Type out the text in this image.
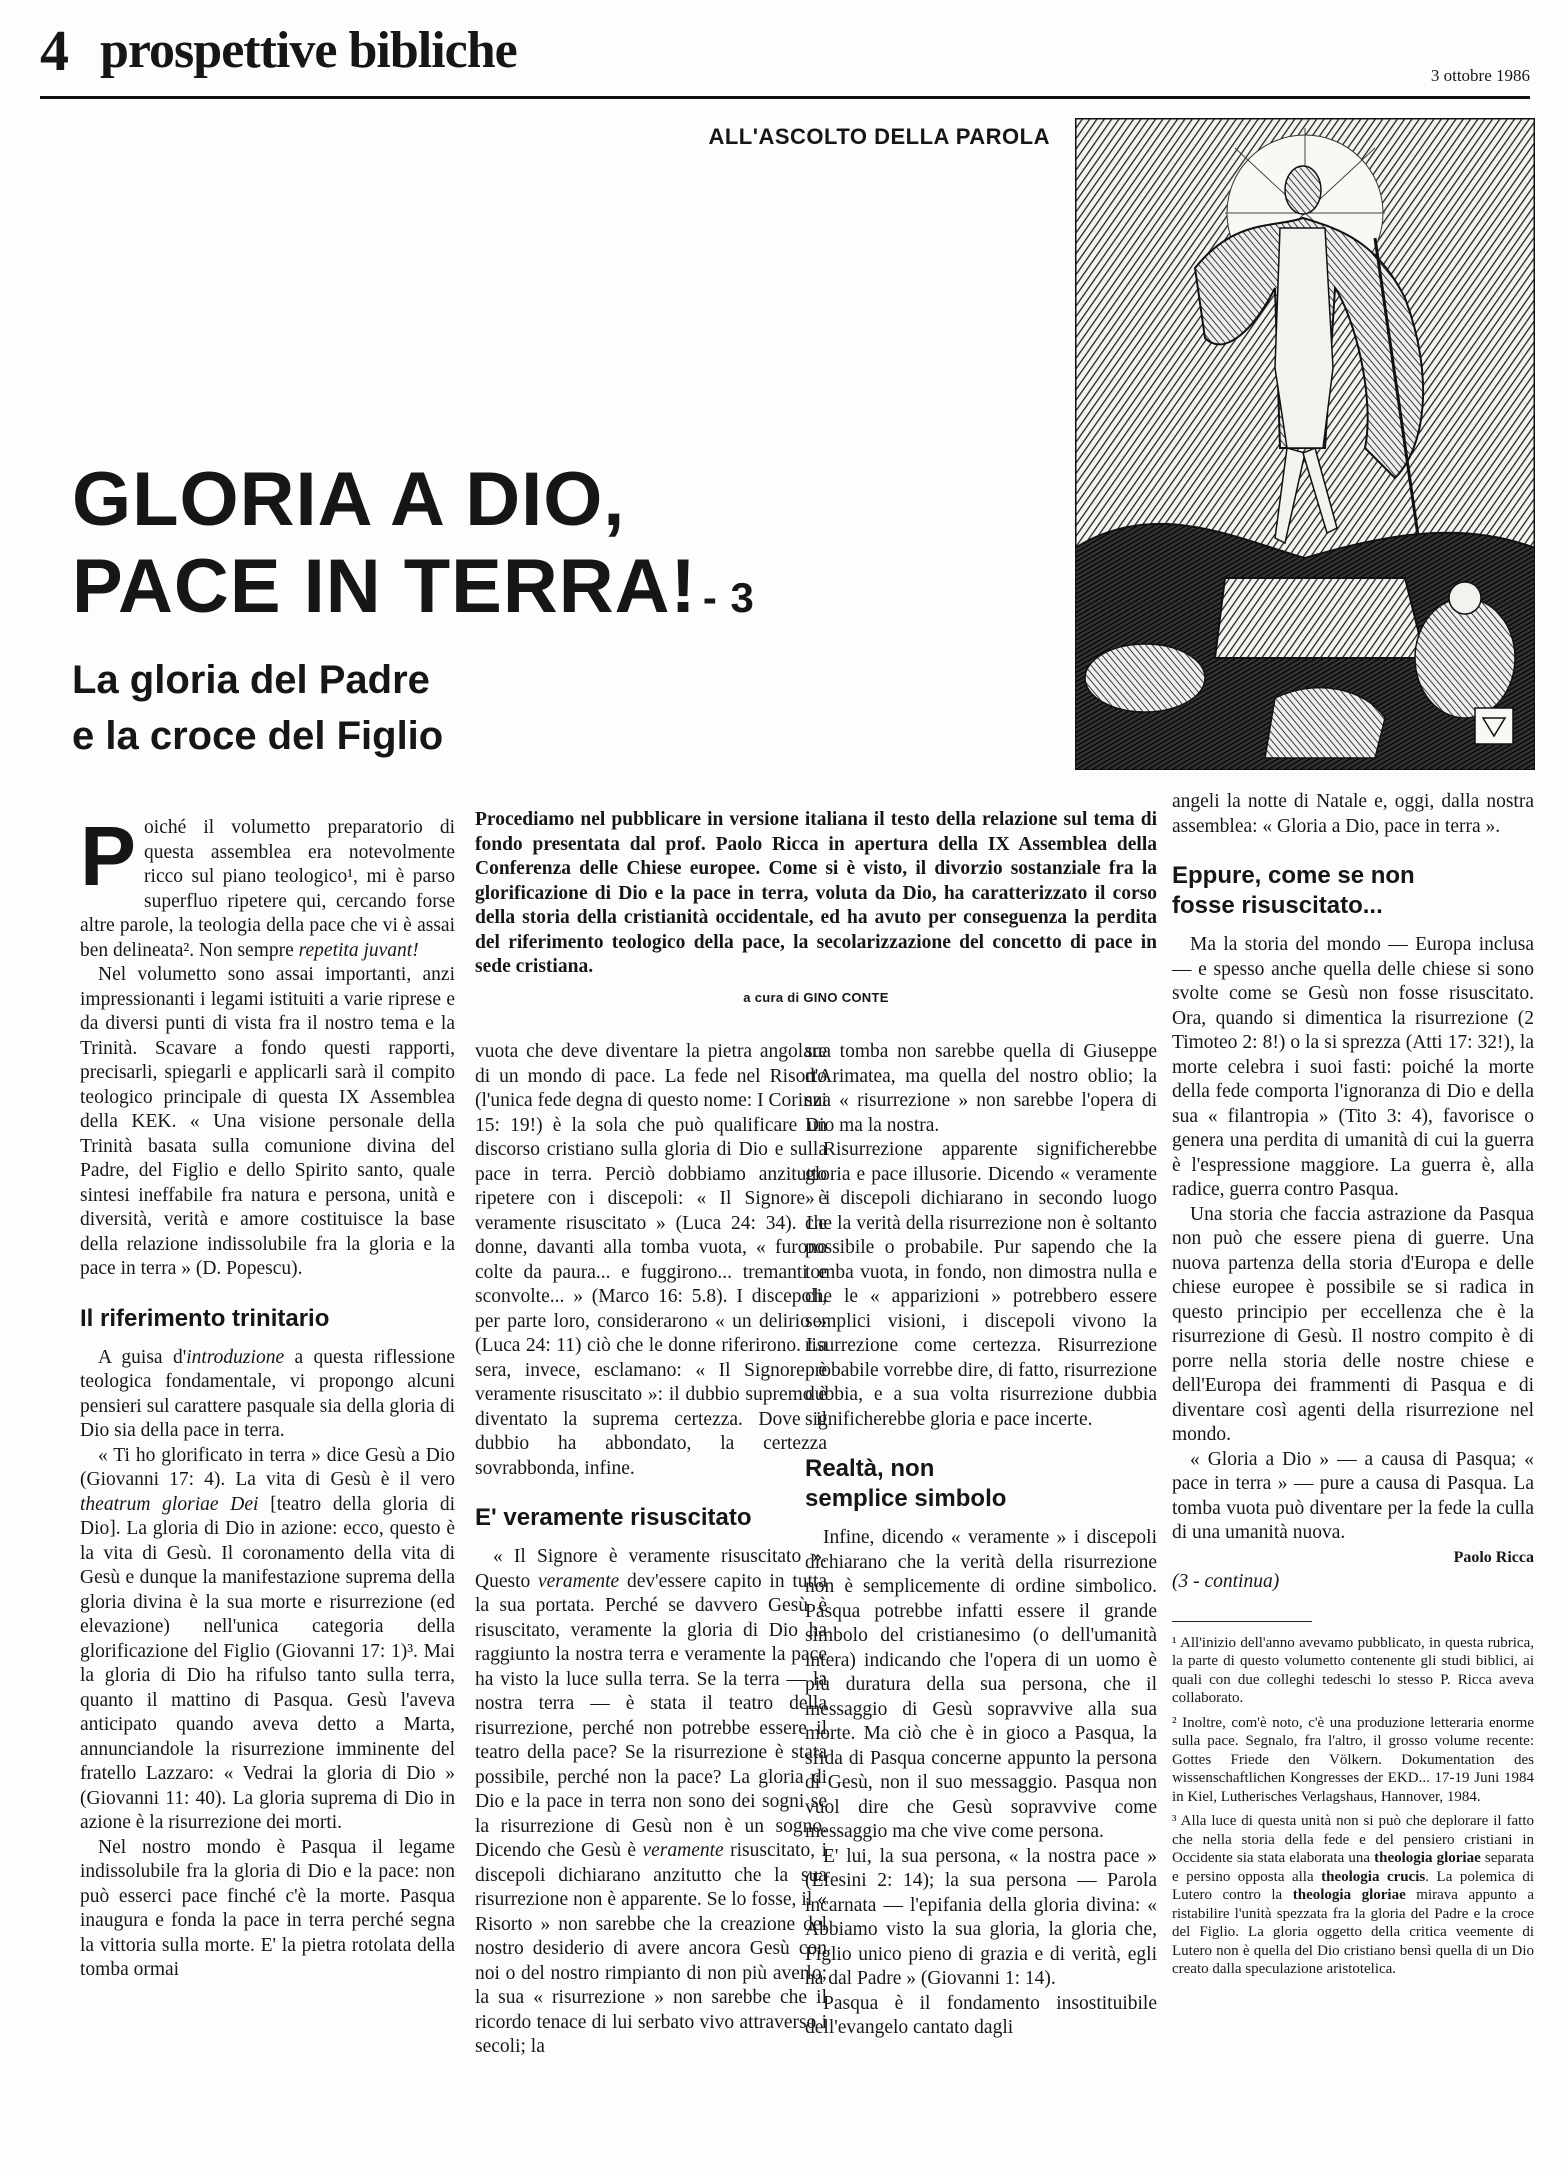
4 prospettive bibliche	3 ottobre 1986
ALL'ASCOLTO DELLA PAROLA
GLORIA A DIO,
PACE IN TERRA! - 3
La gloria del Padre
e la croce del Figlio
Procediamo nel pubblicare in versione italiana il testo della relazione sul tema di fondo presentata dal prof. Paolo Ricca in apertura della IX Assemblea della Conferenza delle Chiese europee. Come si è visto, il divorzio sostanziale fra la glorificazione di Dio e la pace in terra, voluta da Dio, ha caratterizzato il corso della storia della cristianità occidentale, ed ha avuto per conseguenza la perdita del riferimento teologico della pace, la secolarizzazione del concetto di pace in sede cristiana.
a cura di GINO CONTE

Poiché il volumetto preparatorio di questa assemblea era notevolmente ricco sul piano teologico¹, mi è parso superfluo ripetere qui, cercando forse altre parole, la teologia della pace che vi è assai ben delineata². Non sempre repetita juvant!

Nel volumetto sono assai importanti, anzi impressionanti i legami istituiti a varie riprese e da diversi punti di vista fra il nostro tema e la Trinità. Scavare a fondo questi rapporti, precisarli, spiegarli e applicarli sarà il compito teologico principale di questa IX Assemblea della KEK. « Una visione personale della Trinità basata sulla comunione divina del Padre, del Figlio e dello Spirito santo, quale sintesi ineffabile fra natura e persona, unità e diversità, verità e amore costituisce la base della relazione indissolubile fra la gloria e la pace in terra » (D. Popescu).

Il riferimento trinitario

A guisa d'introduzione a questa riflessione teologica fondamentale, vi propongo alcuni pensieri sul carattere pasquale sia della gloria di Dio sia della pace in terra.

« Ti ho glorificato in terra » dice Gesù a Dio (Giovanni 17: 4). La vita di Gesù è il vero theatrum gloriae Dei [teatro della gloria di Dio]. La gloria di Dio in azione: ecco, questo è la vita di Gesù. Il coronamento della vita di Gesù e dunque la manifestazione suprema della gloria divina è la sua morte e risurrezione (ed elevazione) nell'unica categoria della glorificazione del Figlio (Giovanni 17: 1)³. Mai la gloria di Dio ha rifulso tanto sulla terra, quanto il mattino di Pasqua. Gesù l'aveva anticipato quando aveva detto a Marta, annunciandole la risurrezione imminente del fratello Lazzaro: « Vedrai la gloria di Dio » (Giovanni 11: 40). La gloria suprema di Dio in azione è la risurrezione dei morti.

Nel nostro mondo è Pasqua il legame indissolubile fra la gloria di Dio e la pace: non può esserci pace finché c'è la morte. Pasqua inaugura e fonda la pace in terra perché segna la vittoria sulla morte. E' la pietra rotolata della tomba ormai

vuota che deve diventare la pietra angolare di un mondo di pace. La fede nel Risorto (l'unica fede degna di questo nome: I Corinzi 15: 19!) è la sola che può qualificare un discorso cristiano sulla gloria di Dio e sulla pace in terra. Perciò dobbiamo anzitutto ripetere con i discepoli: « Il Signore è veramente risuscitato » (Luca 24: 34). Le donne, davanti alla tomba vuota, « furono colte da paura... e fuggirono... tremanti e sconvolte... » (Marco 16: 5.8). I discepoli, per parte loro, considerarono « un delirio » (Luca 24: 11) ciò che le donne riferirono. La sera, invece, esclamano: « Il Signore è veramente risuscitato »: il dubbio supremo è diventato la suprema certezza. Dove il dubbio ha abbondato, la certezza sovrabbonda, infine.

E' veramente risuscitato

« Il Signore è veramente risuscitato ». Questo veramente dev'essere capito in tutta la sua portata. Perché se davvero Gesù è risuscitato, veramente la gloria di Dio ha raggiunto la nostra terra e veramente la pace ha visto la luce sulla terra. Se la terra — la nostra terra — è stata il teatro della risurrezione, perché non potrebbe essere il teatro della pace? Se la risurrezione è stata possibile, perché non la pace? La gloria di Dio e la pace in terra non sono dei sogni se la risurrezione di Gesù non è un sogno. Dicendo che Gesù è veramente risuscitato, i discepoli dichiarano anzitutto che la sua risurrezione non è apparente. Se lo fosse, il « Risorto » non sarebbe che la creazione del nostro desiderio di avere ancora Gesù con noi o del nostro rimpianto di non più averlo; la sua « risurrezione » non sarebbe che il ricordo tenace di lui serbato vivo attraverso i secoli; la

sua tomba non sarebbe quella di Giuseppe d'Arimatea, ma quella del nostro oblio; la sua « risurrezione » non sarebbe l'opera di Dio ma la nostra.

Risurrezione apparente significherebbe gloria e pace illusorie. Dicendo « veramente » i discepoli dichiarano in secondo luogo che la verità della risurrezione non è soltanto possibile o probabile. Pur sapendo che la tomba vuota, in fondo, non dimostra nulla e che le « apparizioni » potrebbero essere semplici visioni, i discepoli vivono la risurrezione come certezza. Risurrezione probabile vorrebbe dire, di fatto, risurrezione dubbia, e a sua volta risurrezione dubbia significherebbe gloria e pace incerte.

Realtà, non
semplice simbolo

Infine, dicendo « veramente » i discepoli dichiarano che la verità della risurrezione non è semplicemente di ordine simbolico. Pasqua potrebbe infatti essere il grande simbolo del cristianesimo (o dell'umanità intera) indicando che l'opera di un uomo è più duratura della sua persona, che il messaggio di Gesù sopravvive alla sua morte. Ma ciò che è in gioco a Pasqua, la sfida di Pasqua concerne appunto la persona di Gesù, non il suo messaggio. Pasqua non vuol dire che Gesù sopravvive come messaggio ma che vive come persona.

E' lui, la sua persona, « la nostra pace » (Efesini 2: 14); la sua persona — Parola incarnata — l'epifania della gloria divina: « Abbiamo visto la sua gloria, la gloria che, Figlio unico pieno di grazia e di verità, egli ha dal Padre » (Giovanni 1: 14).

Pasqua è il fondamento insostituibile dell'evangelo cantato dagli

angeli la notte di Natale e, oggi, dalla nostra assemblea: « Gloria a Dio, pace in terra ».

Eppure, come se non
fosse risuscitato...

Ma la storia del mondo — Europa inclusa — e spesso anche quella delle chiese si sono svolte come se Gesù non fosse risuscitato. Ora, quando si dimentica la risurrezione (2 Timoteo 2: 8!) o la si sprezza (Atti 17: 32!), la morte celebra i suoi fasti: poiché la morte della fede comporta l'ignoranza di Dio e della sua « filantropia » (Tito 3: 4), favorisce o genera una perdita di umanità di cui la guerra è l'espressione maggiore. La guerra è, alla radice, guerra contro Pasqua.

Una storia che faccia astrazione da Pasqua non può che essere piena di guerre. Una nuova partenza della storia d'Europa e delle chiese europee è possibile se si radica in questo principio per eccellenza che è la risurrezione di Gesù. Il nostro compito è di porre nella storia delle nostre chiese e dell'Europa dei frammenti di Pasqua e di diventare così agenti della risurrezione nel mondo.

« Gloria a Dio » — a causa di Pasqua; « pace in terra » — pure a causa di Pasqua. La tomba vuota può diventare per la fede la culla di una umanità nuova.

Paolo Ricca
(3 - continua)
¹ All'inizio dell'anno avevamo pubblicato, in questa rubrica, la parte di questo volumetto contenente gli studi biblici, ai quali con due colleghi tedeschi lo stesso P. Ricca aveva collaborato.
² Inoltre, com'è noto, c'è una produzione letteraria enorme sulla pace. Segnalo, fra l'altro, il grosso volume recente: Gottes Friede den Völkern. Dokumentation des wissenschaftlichen Kongresses der EKD... 17-19 Juni 1984 in Kiel, Lutherisches Verlagshaus, Hannover, 1984.
³ Alla luce di questa unità non si può che deplorare il fatto che nella storia della fede e del pensiero cristiani in Occidente sia stata elaborata una theologia gloriae separata e persino opposta alla theologia crucis. La polemica di Lutero contro la theologia gloriae mirava appunto a ristabilire l'unità spezzata fra la gloria del Padre e la croce del Figlio. La gloria oggetto della critica veemente di Lutero non è quella del Dio cristiano bensì quella di un Dio creato dalla speculazione aristotelica.
